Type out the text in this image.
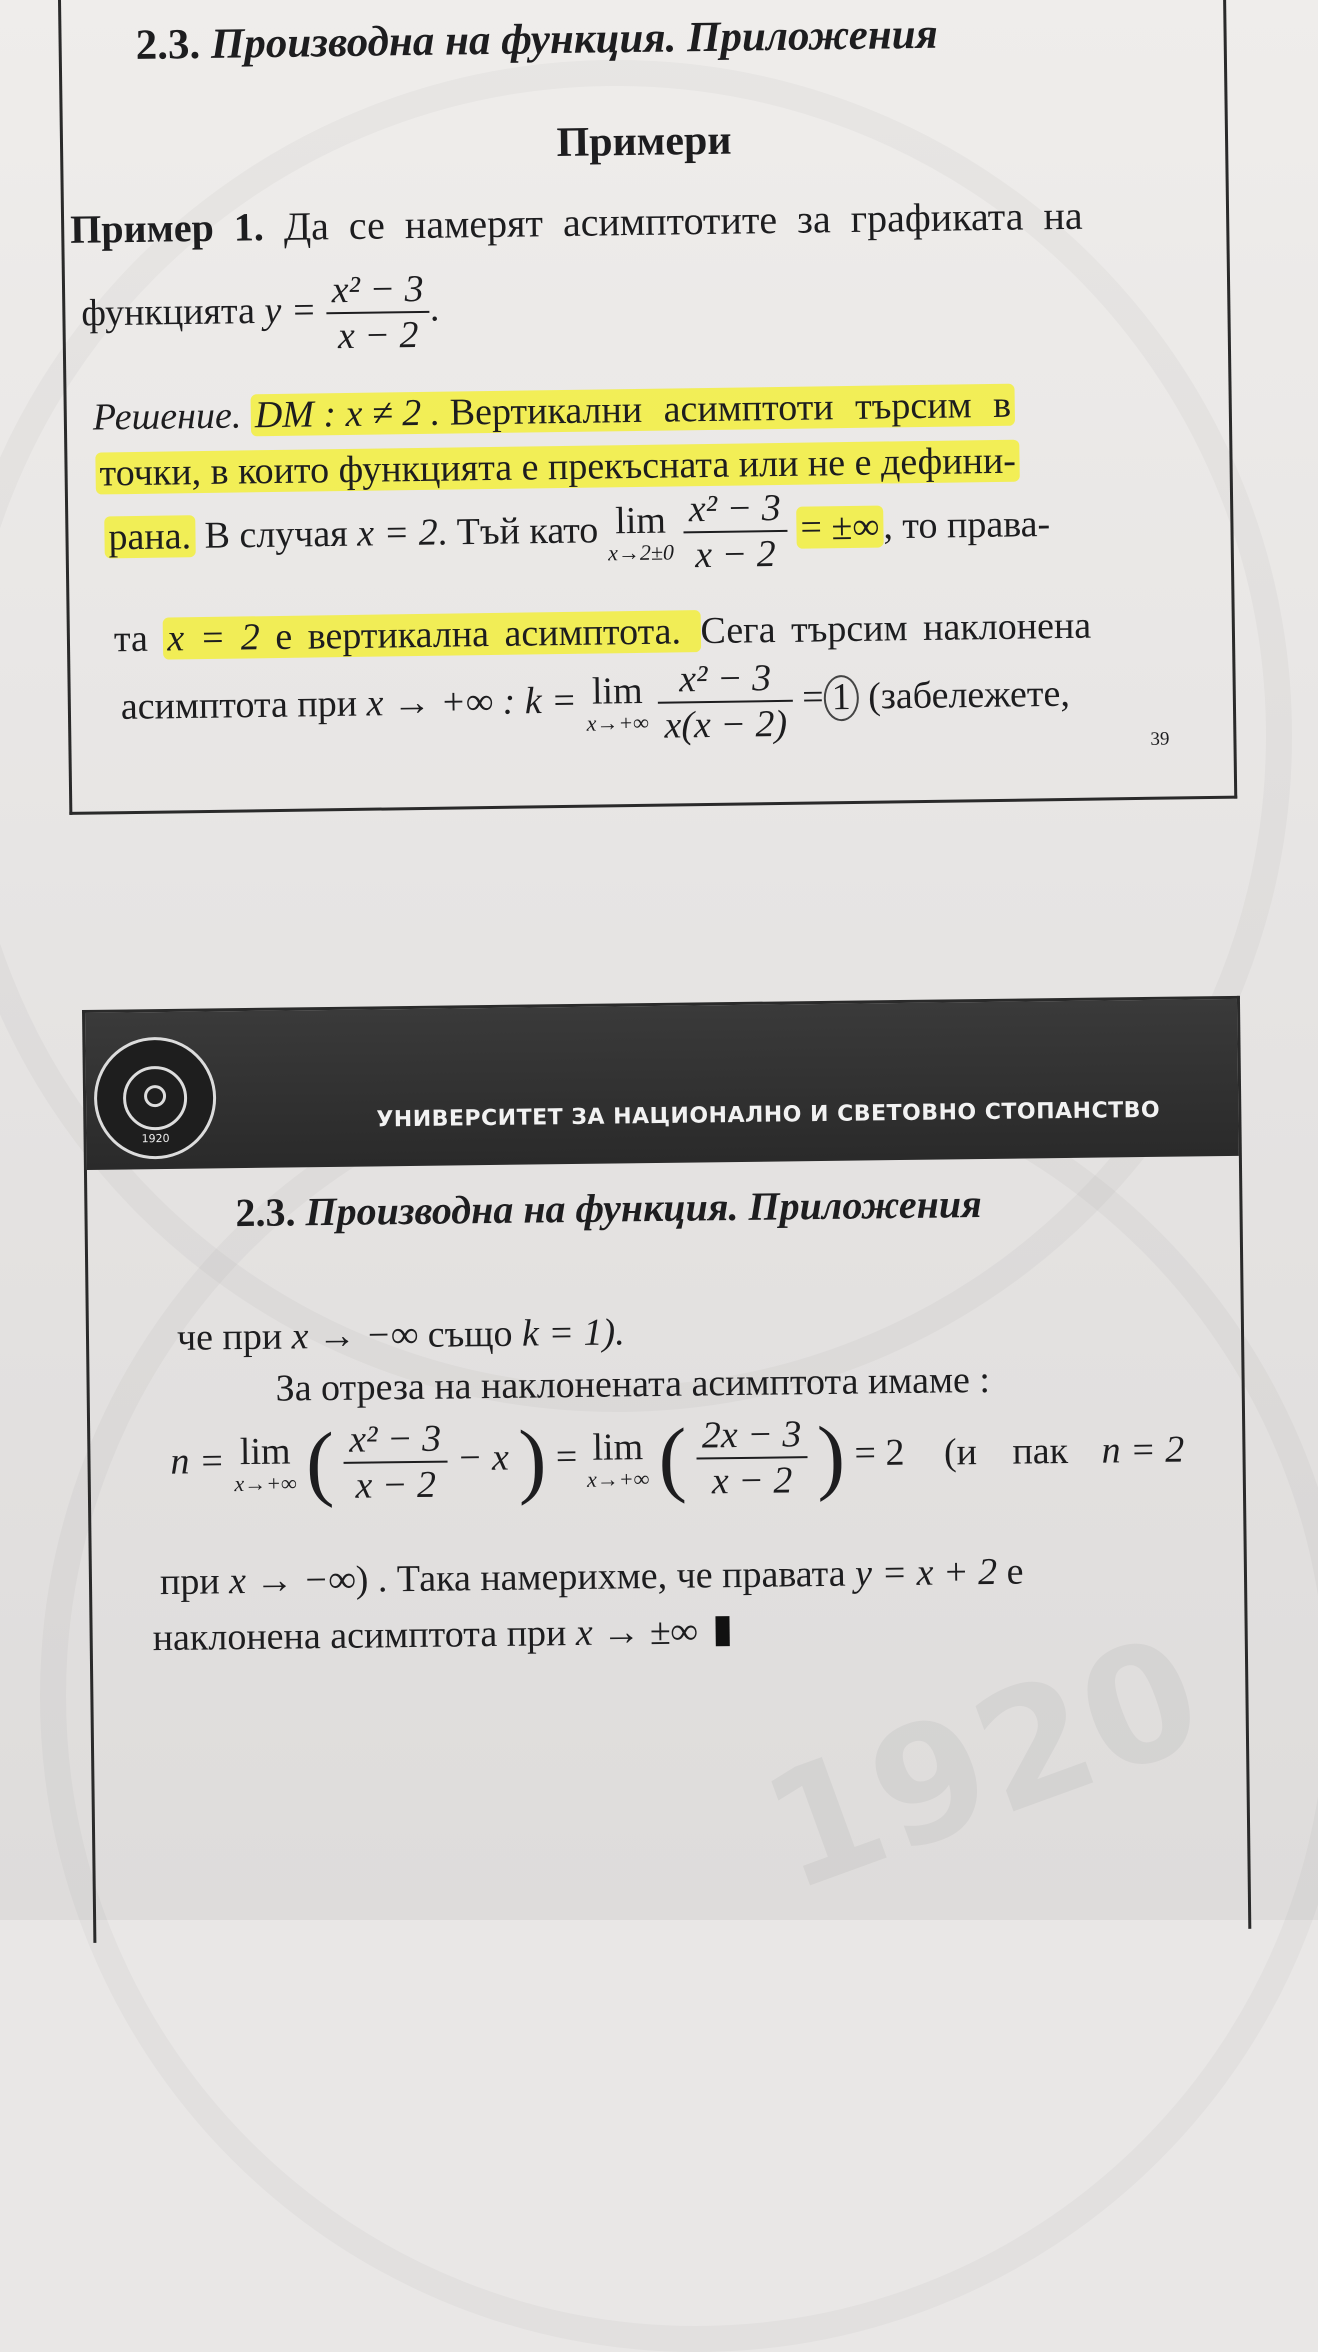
1920
2.3. Производна на функция. Приложения
Примери
Пример 1. Да се намерят асимптотите за графиката на
функцията $y = \frac{\text{x² − 3}}{x - 2}$ .
Решение. DM : x ≠ 2 . Вертикални асимптоти търсим в
точки, в които функцията е прекъсната или не е дефини-
рана. В случая x = 2. Тъй като lim
x→2±0
$\frac{\text{x² − 3}}{x - 2}$ = ±∞, то права-
та x = 2 е вертикална асимптота. Сега търсим наклонена
асимптота при x → +∞ : k = lim
x→+∞
$\frac{\text{x² − 3}}{x(x - 2)} = 1$ (забележете,
39
1920
УНИВЕРСИТЕТ ЗА НАЦИОНАЛНО И СВЕТОВНО СТОПАНСТВО
2.3. Производна на функция. Приложения
че при x → −∞ също k = 1).
За отреза на наклонената асимптота имаме :
n = lim
x→+∞ ( $\frac{\text{x² − 3}}{x - 2} - x$ ) = lim
x→+∞ ( $\frac{2x - 3}{x - 2}$ ) = 2 (и пак n = 2
при x → −∞) . Така намерихме, че правата y = x + 2 е
наклонена асимптота при x → ±∞
